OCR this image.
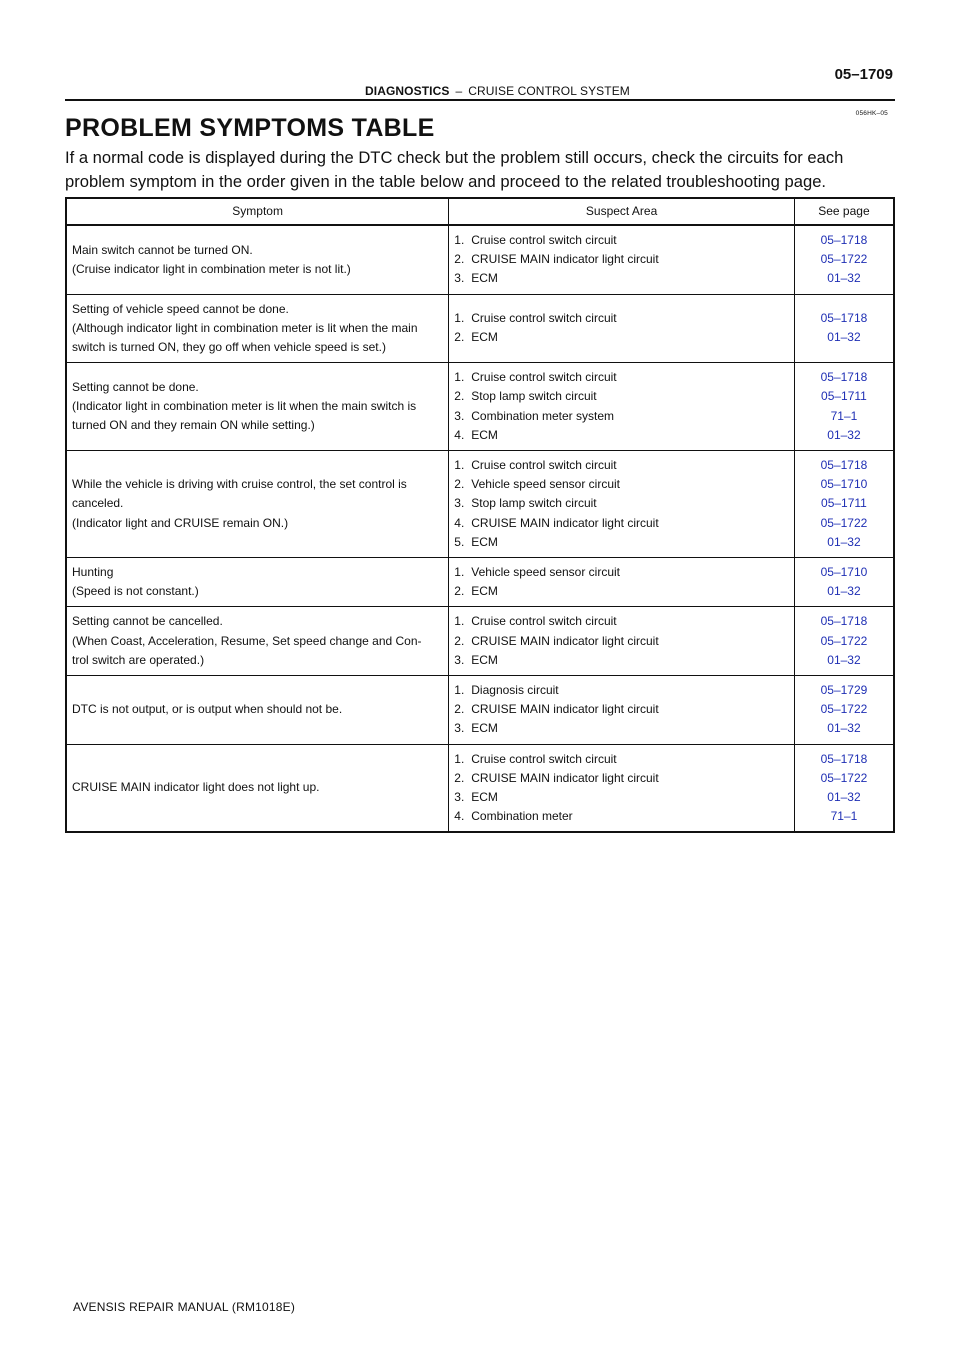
DIAGNOSTICS – CRUISE CONTROL SYSTEM
05–1709
056HK–05
PROBLEM SYMPTOMS TABLE

If a normal code is displayed during the DTC check but the problem still occurs, check the circuits for each problem symptom in the order given in the table below and proceed to the related troubleshooting page.

Symptom	Suspect Area	See page

Main switch cannot be turned ON.
(Cruise indicator light in combination meter is not lit.)	1. Cruise control switch circuit
2. CRUISE MAIN indicator light circuit
3. ECM	05–1718
05–1722
01–32

Setting of vehicle speed cannot be done.
(Although indicator light in combination meter is lit when the main
switch is turned ON, they go off when vehicle speed is set.)	1. Cruise control switch circuit
2. ECM	05–1718
01–32

Setting cannot be done.
(Indicator light in combination meter is lit when the main switch is
turned ON and they remain ON while setting.)	1. Cruise control switch circuit
2. Stop lamp switch circuit
3. Combination meter system
4. ECM	05–1718
05–1711
71–1
01–32

While the vehicle is driving with cruise control, the set control is
canceled.
(Indicator light and CRUISE remain ON.)	1. Cruise control switch circuit
2. Vehicle speed sensor circuit
3. Stop lamp switch circuit
4. CRUISE MAIN indicator light circuit
5. ECM	05–1718
05–1710
05–1711
05–1722
01–32

Hunting
(Speed is not constant.)	1. Vehicle speed sensor circuit
2. ECM	05–1710
01–32

Setting cannot be cancelled.
(When Coast, Acceleration, Resume, Set speed change and Con-
trol switch are operated.)	1. Cruise control switch circuit
2. CRUISE MAIN indicator light circuit
3. ECM	05–1718
05–1722
01–32

DTC is not output, or is output when should not be.	1. Diagnosis circuit
2. CRUISE MAIN indicator light circuit
3. ECM	05–1729
05–1722
01–32

CRUISE MAIN indicator light does not light up.	1. Cruise control switch circuit
2. CRUISE MAIN indicator light circuit
3. ECM
4. Combination meter	05–1718
05–1722
01–32
71–1
AVENSIS REPAIR MANUAL (RM1018E)
